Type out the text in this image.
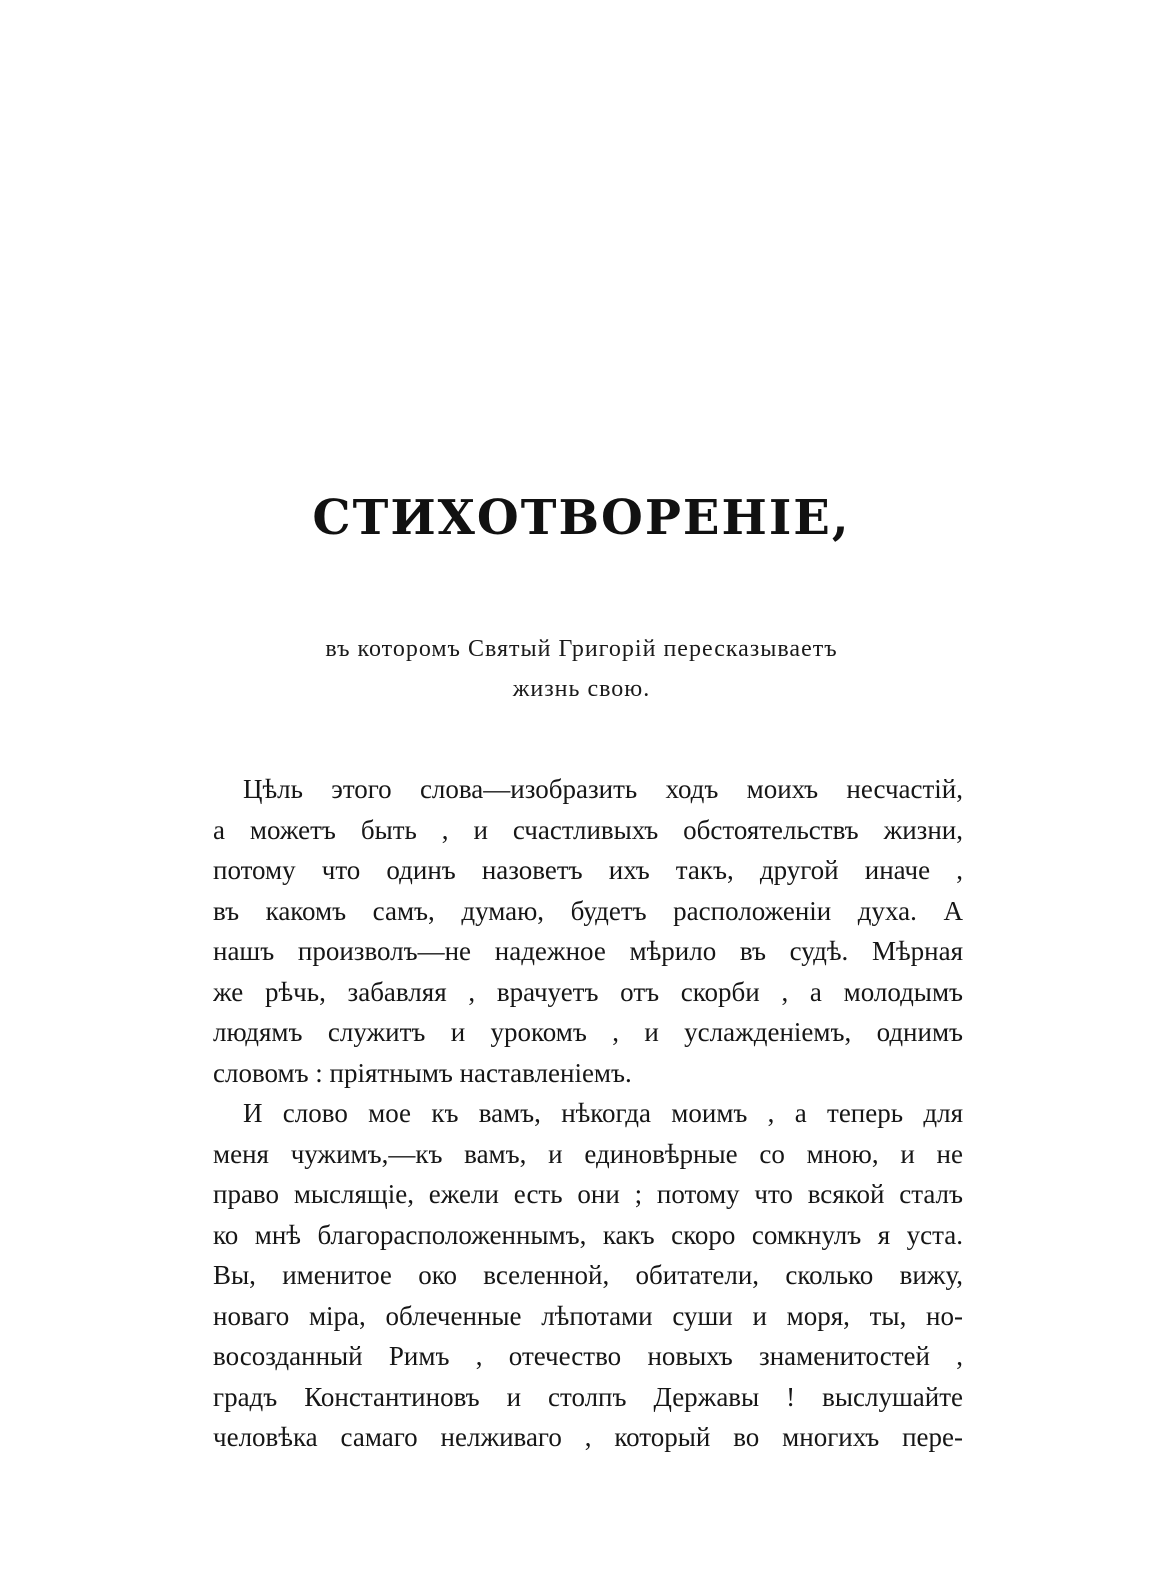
СТИХОТВОРЕНІЕ,
въ которомъ Святый Григорій пересказываетъ
жизнь свою.
Цѣль этого слова—изобразить ходъ моихъ несчастій,
а можетъ быть , и счастливыхъ обстоятельствъ жизни,
потому что одинъ назоветъ ихъ такъ, другой иначе ,
въ какомъ самъ, думаю, будетъ расположеніи духа. А
нашъ произволъ—не надежное мѣрило въ судѣ. Мѣрная
же рѣчь, забавляя , врачуетъ отъ скорби , а молодымъ
людямъ служитъ и урокомъ , и услажденіемъ, однимъ
словомъ : пріятнымъ наставленіемъ.
И слово мое къ вамъ, нѣкогда моимъ , а теперь для
меня чужимъ,—къ вамъ, и единовѣрные со мною, и не
право мыслящіе, ежели есть они ; потому что всякой сталъ
ко мнѣ благорасположеннымъ, какъ скоро сомкнулъ я уста.
Вы, именитое око вселенной, обитатели, сколько вижу,
новаго міра, облеченные лѣпотами суши и моря, ты, но-
восозданный Римъ , отечество новыхъ знаменитостей ,
градъ Константиновъ и столпъ Державы ! выслушайте
человѣка самаго нелживаго , который во многихъ пере-
